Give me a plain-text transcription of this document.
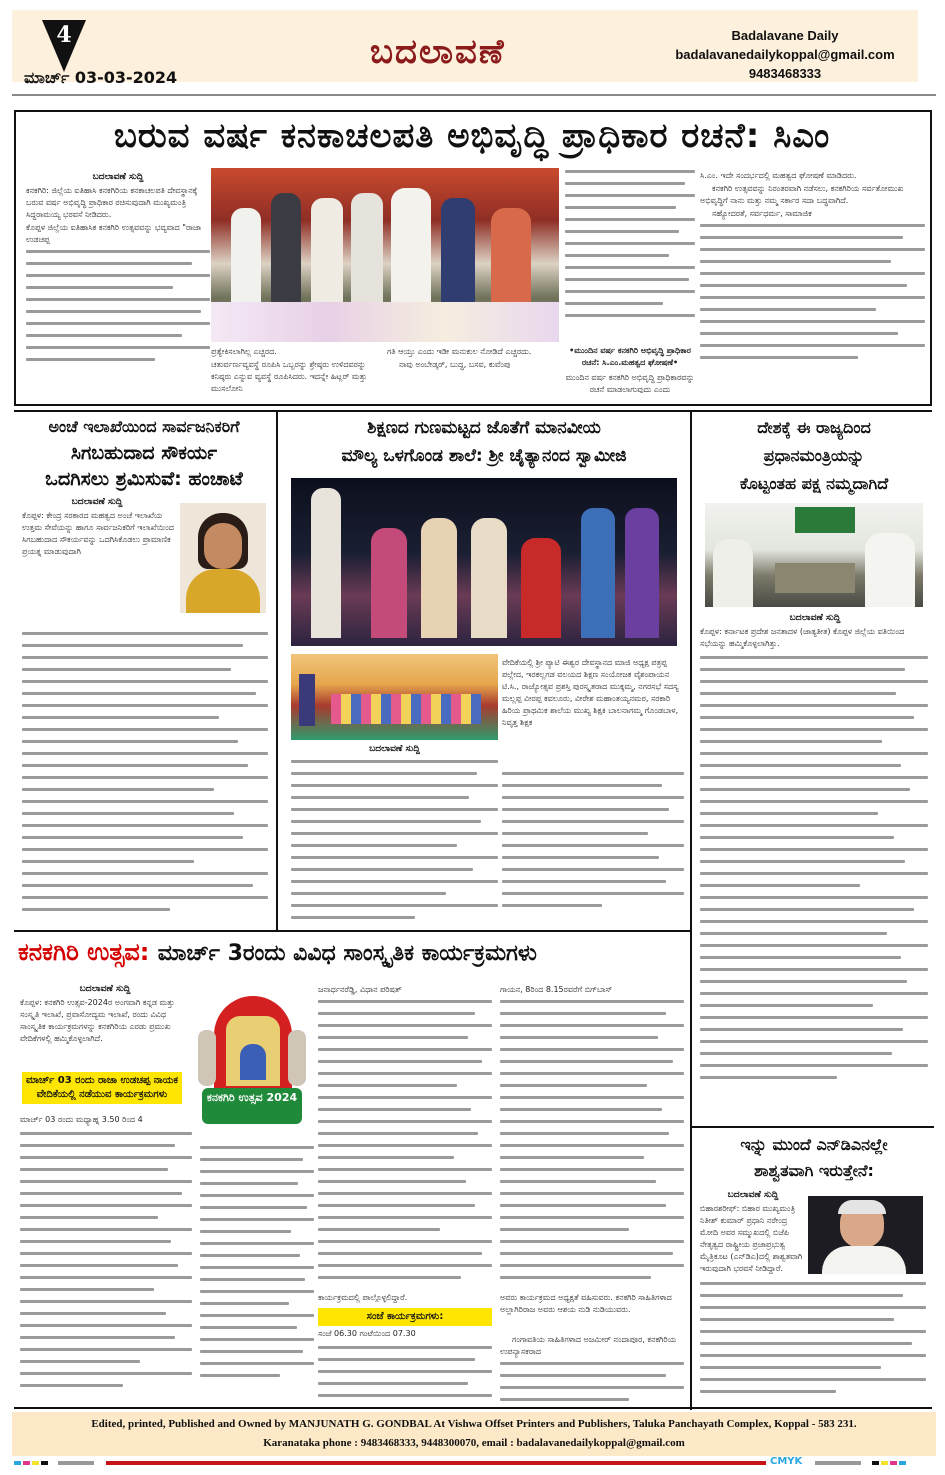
4
ಮಾರ್ಚ್ 03-03-2024
ಬದಲಾವಣೆ	Badalavane Daily
badalavanedailykoppal@gmail.com
9483468333
ಬರುವ ವರ್ಷ ಕನಕಾಚಲಪತಿ ಅಭಿವೃದ್ಧಿ ಪ್ರಾಧಿಕಾರ ರಚನೆ: ಸಿಎಂ
ಬದಲಾವಣೆ ಸುದ್ದಿ

ಕನಕಗಿರಿ: ಜಿಲ್ಲೆಯ ಐತಿಹಾಸಿ ಕನಕಗಿರಿಯ ಕನಕಾಚಲಪತಿ ದೇವಸ್ಥಾನಕ್ಕೆ ಬರುವ ವರ್ಷ ಅಭಿವೃದ್ಧಿ ಪ್ರಾಧಿಕಾರ ರಚಿಸುವುದಾಗಿ ಮುಖ್ಯಮಂತ್ರಿ ಸಿದ್ದರಾಮಯ್ಯ ಭರವಸೆ ನೀಡಿದರು.

ಕೊಪ್ಪಳ ಜಿಲ್ಲೆಯ ಐತಿಹಾಸಿಕ ಕನಕಗಿರಿ ಉತ್ಸವವನ್ನು ಭವ್ಯವಾದ "ರಾಜಾ ಉಡಚಪ್ಪ

ಪ್ರತ್ಯೇಕಿಸಲಾಗಿಲ್ಲ ಎಚ್ಚರದ.

ಚತುರ್ವರ್ಣವ್ಯವಸ್ಥೆ ರೂಪಿಸಿ ಒಬ್ಬರನ್ನು ಶ್ರೇಷ್ಠರು ಉಳಿದವರನ್ನು ಕನಿಷ್ಠರು ಎನ್ನುವ ವ್ಯವಸ್ಥೆ ರೂಪಿಸಿದರು. ಇದನ್ನೇ ಹಿಟ್ಲರ್ ಮತ್ತು ಮುಸಲೋನಿ

ಗತಿ ಆಯ್ತು ಎಂದು ಇಡೀ ಮನುಕುಲ ನೋಡಿದೆ ಎಚ್ಚರದು.

ನಾವು ಅಂಬೇಡ್ಕರ್, ಬುದ್ಧ, ಬಸವ, ಕುವೆಂಪು

•ಮುಂದಿನ ವರ್ಷ ಕನಕಗಿರಿ ಅಭಿವೃದ್ಧಿ ಪ್ರಾಧಿಕಾರ ರಚನೆ: ಸಿ.ಎಂ.ಮಹತ್ವದ ಘೋಷಣೆ•
ಮುಂದಿನ ವರ್ಷ ಕನಕಗಿರಿ ಅಭಿವೃದ್ಧಿ ಪ್ರಾಧಿಕಾರವನ್ನು ರಚನೆ ಮಾಡಲಾಗುವುದು ಎಂದು

ಸಿ.ಎಂ. ಇದೇ ಸಂದರ್ಭದಲ್ಲಿ ಮಹತ್ವದ ಘೋಷಣೆ ಮಾಡಿದರು.

ಕನಕಗಿರಿ ಉತ್ಸವವನ್ನು ನಿರಂತರವಾಗಿ ನಡೆಸಲು, ಕನಕಗಿರಿಯ ಸರ್ವತೋಮುಖ ಅಭಿವೃದ್ಧಿಗೆ ನಾನು ಮತ್ತು ನಮ್ಮ ಸರ್ಕಾರ ಸದಾ ಬದ್ಧವಾಗಿದೆ.

ಸಹ್ಯೋದರತೆ, ಸರ್ವಧರ್ಮ, ಸಾಮಾಜಿಕ

ಅಂಚೆ ಇಲಾಖೆಯಿಂದ ಸಾರ್ವಜನಿಕರಿಗೆ
ಸಿಗಬಹುದಾದ ಸೌಕರ್ಯ
ಒದಗಿಸಲು ಶ್ರಮಿಸುವೆ: ಹಂಚಾಟೆ
ಬದಲಾವಣೆ ಸುದ್ದಿ
ಕೊಪ್ಪಳ: ಕೇಂದ್ರ ಸರಕಾರದ ಮಹತ್ವದ ಅಂಚೆ ಇಲಾಖೆಯ ಉತ್ತಮ ಸೇವೆಯನ್ನು ಹಾಗೂ ಸಾರ್ವಜನಿಕರಿಗೆ ಇಲಾಖೆಯಿಂದ ಸಿಗಬಹುದಾದ ಸೌಕರ್ಯವನ್ನು ಒದಗಿಸಿಕೊಡಲು ಪ್ರಾಮಾಣಿಕ ಪ್ರಯತ್ನ ಮಾಡುವುದಾಗಿ
ಶಿಕ್ಷಣದ ಗುಣಮಟ್ಟದ ಜೊತೆಗೆ ಮಾನವೀಯ
ಮೌಲ್ಯ ಒಳಗೊಂಡ ಶಾಲೆ: ಶ್ರೀ ಚೈತ್ಯಾನಂದ ಸ್ವಾಮೀಜಿ
ಬದಲಾವಣೆ ಸುದ್ದಿ
ವೇದಿಕೆಯಲ್ಲಿ ಶ್ರೀ ಪ್ಯಾಟಿ ಈಶ್ವರ ದೇವಸ್ಥಾನದ ಮಾಜಿ ಅಧ್ಯಕ್ಷ ಪತ್ರಪ್ಪ ಪಲ್ಲೇದ, ಇರಕಲ್ಲಗಡ ವಲಯದ ಶಿಕ್ಷಣ ಸಂಯೋಜಕ ವೈಶಂಪಾಯನ ಟಿ.ಸಿ., ರಾಜ್ಯೋತ್ಸವ ಪ್ರಶಸ್ತಿ ಪುರಸ್ಕೃತರಾದ ಮುಕ್ಕಮ್ಮ, ನಗರಸಭೆ ಸದಸ್ಯ ಮಲ್ಲಪ್ಪ ವೀರಪ್ಪ ಕವಲೂರು, ವೀರೇಶ ಮಹಾಂತಯ್ಯನಮಠ, ಸರಕಾರಿ ಹಿರಿಯ ಪ್ರಾಥಮಿಕ ಶಾಲೆಯ ಮುಖ್ಯ ಶಿಕ್ಷಕಿ ಬಾಲನಾಗಮ್ಮ ಗೊಂಡಬಾಳ, ನಿವೃತ್ತ ಶಿಕ್ಷಕ
ದೇಶಕ್ಕೆ ಈ ರಾಜ್ಯದಿಂದ
ಪ್ರಧಾನಮಂತ್ರಿಯನ್ನು
ಕೊಟ್ಟಂತಹ ಪಕ್ಷ ನಮ್ಮದಾಗಿದೆ
ಬದಲಾವಣೆ ಸುದ್ದಿ
ಕೊಪ್ಪಳ: ಕರ್ನಾಟಕ ಪ್ರದೇಶ ಜನತಾದಳ (ಜಾತ್ಯತೀತ) ಕೊಪ್ಪಳ ಜಿಲ್ಲೆಯ ವತಿಯಿಂದ ಸಭೆಯನ್ನು ಹಮ್ಮಿಕೊಳ್ಳಲಾಗಿತ್ತು.
ಕನಕಗಿರಿ ಉತ್ಸವ: ಮಾರ್ಚ್ 3ರಂದು ವಿವಿಧ ಸಾಂಸ್ಕೃತಿಕ ಕಾರ್ಯಕ್ರಮಗಳು
ಬದಲಾವಣೆ ಸುದ್ದಿ
ಕೊಪ್ಪಳ: ಕನಕಗಿರಿ ಉತ್ಸವ-2024ರ ಅಂಗವಾಗಿ ಕನ್ನಡ ಮತ್ತು ಸಂಸ್ಕೃತಿ ಇಲಾಖೆ, ಪ್ರವಾಸೋದ್ಯಮ ಇಲಾಖೆ, ರಂದು ವಿವಿಧ ಸಾಂಸ್ಕೃತಿಕ ಕಾರ್ಯಕ್ರಮಗಳನ್ನು ಕನಕಗಿರಿಯ ಎರಡು ಪ್ರಮುಖ ವೇದಿಕೆಗಳಲ್ಲಿ ಹಮ್ಮಿಕೊಳ್ಳಲಾಗಿದೆ.
ಮಾರ್ಚ್ 03 ರಂದು ರಾಜಾ ಉಡಚಪ್ಪ ನಾಯಕ ವೇದಿಕೆಯಲ್ಲಿ ನಡೆಯುವ ಕಾರ್ಯಕ್ರಮಗಳು
ಮಾರ್ಚ್ 03 ರಂದು ಮಧ್ಯಾಹ್ನ 3.50 ರಿಂದ 4
ಕನಕಗಿರಿ ಉತ್ಸವ 2024
ಜನಾರ್ಧನರೆಡ್ಡಿ, ವಿಧಾನ ಪರಿಷತ್
ಕಾರ್ಯಕ್ರಮದಲ್ಲಿ ಪಾಲ್ಗೊಳ್ಳಲಿದ್ದಾರೆ.
ಸಂಜೆ ಕಾರ್ಯಕ್ರಮಗಳು:
ಸಂಜೆ 06.30 ಗಂಟೆಯಿಂದ 07.30
ಗಾಯನ, 8ರಿಂದ 8.15ರವರೆಗೆ ಬಿಗ್‌ಬಾಸ್
ಅವರು ಕಾರ್ಯಕ್ರಮದ ಅಧ್ಯಕ್ಷತೆ ವಹಿಸುವರು. ಕನಕಗಿರಿ ಸಾಹಿತಿಗಳಾದ ಅಲ್ಲಾಗಿರಿರಾಜ ಅವರು ಆಶಯ ನುಡಿ ನುಡಿಯುವರು.
ಗಂಗಾವತಿಯ ಸಾಹಿತಿಗಳಾದ ಅಜಮೀರ್ ನಂದಾಪೂರ, ಕನಕಗಿರಿಯ ಉಪನ್ಯಾಸಕರಾದ
ಇನ್ನು ಮುಂದೆ ಎನ್‌ಡಿಎನಲ್ಲೇ
ಶಾಶ್ವತವಾಗಿ ಇರುತ್ತೇನೆ:
ಬದಲಾವಣೆ ಸುದ್ದಿ
ಬಿಹಾರಶರೀಫ್: ಬಿಹಾರ ಮುಖ್ಯಮಂತ್ರಿ ನಿತೀಶ್ ಕುಮಾರ್ ಪ್ರಧಾನಿ ನರೇಂದ್ರ ಮೋದಿ ಅವರ ಸಮ್ಮುಖದಲ್ಲಿ ಬಿಜೆಪಿ ನೇತೃತ್ವದ ರಾಷ್ಟ್ರೀಯ ಪ್ರಜಾಪ್ರಭುತ್ವ ಮೈತ್ರಿಕೂಟ (ಎನ್‌ಡಿಎ)ದಲ್ಲಿ ಶಾಶ್ವತವಾಗಿ ಇರುವುದಾಗಿ ಭರವಸೆ ನೀಡಿದ್ದಾರೆ.
Edited, printed, Published and Owned by MANJUNATH G. GONDBAL At Vishwa Offset Printers and Publishers, Taluka Panchayath Complex, Koppal - 583 231.
Karanataka phone : 9483468333, 9448300070, email : badalavanedailykoppal@gmail.com
CMYK
